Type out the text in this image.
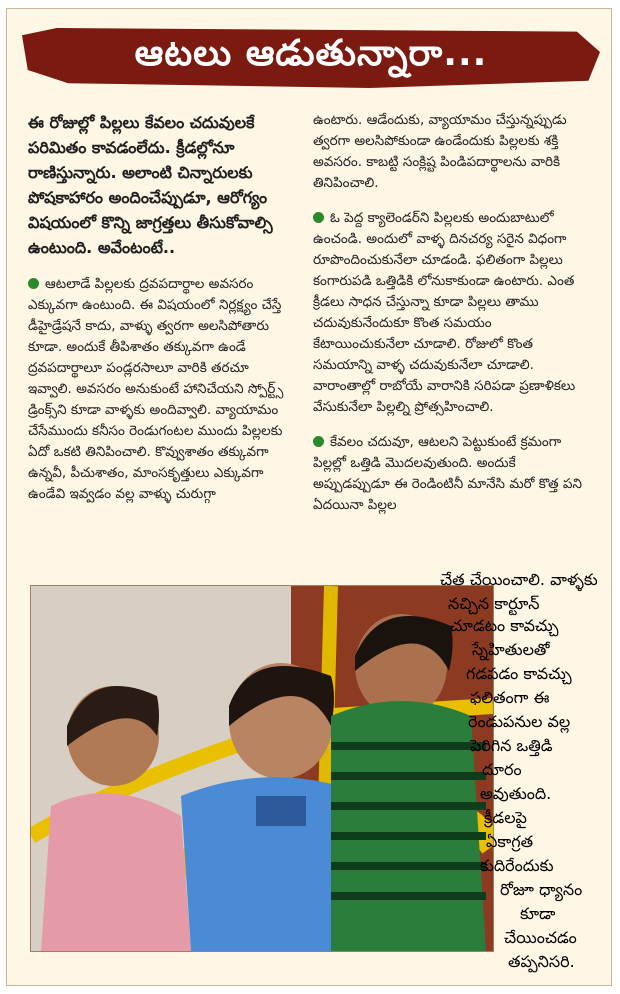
ఆటలు ఆడుతున్నారా...

ఈ రోజుల్లో పిల్లలు కేవలం చదువులకే పరిమితం కావడంలేదు. క్రీడల్లోనూ రాణిస్తున్నారు. అలాంటి చిన్నారులకు పోషకాహారం అందించేప్పుడూ, ఆరోగ్యం విషయంలో కొన్ని జాగ్రత్తలు తీసుకోవాల్సి ఉంటుంది. అవేంటంటే..

ఆటలాడే పిల్లలకు ద్రవపదార్థాల అవసరం ఎక్కువగా ఉంటుంది. ఈ విషయంలో నిర్లక్ష్యం చేస్తే డీహైడ్రేషనే కాదు, వాళ్ళు త్వరగా అలసిపోతారు కూడా. అందుకే తీపిశాతం తక్కువగా ఉండే ద్రవపదార్థాలూ పండ్లరసాలూ వారికి తరచూ ఇవ్వాలి. అవసరం అనుకుంటే హానిచేయని స్పోర్ట్స్ డ్రింక్స్‌ని కూడా వాళ్ళకు అందివ్వాలి. వ్యాయామం చేసేముందు కనీసం రెండుగంటల ముందు పిల్లలకు ఏదో ఒకటి తినిపించాలి. కొవ్వుశాతం తక్కువగా ఉన్నవీ, పీచుశాతం, మాంసకృత్తులు ఎక్కువగా ఉండేవి ఇవ్వడం వల్ల వాళ్ళు చురుగ్గా

ఉంటారు. ఆడేందుకు, వ్యాయామం చేస్తున్నప్పుడు త్వరగా అలసిపోకుండా ఉండేందుకు పిల్లలకు శక్తి అవసరం. కాబట్టి సంక్లిష్ట పిండిపదార్థాలను వారికి తినిపించాలి.

ఓ పెద్ద క్యాలెండర్‌ని పిల్లలకు అందుబాటులో ఉంచండి. అందులో వాళ్ళ దినచర్య సరైన విధంగా రూపొందించుకునేలా చూడండి. ఫలితంగా పిల్లలు కంగారుపడి ఒత్తిడికి లోనుకాకుండా ఉంటారు. ఎంత క్రీడలు సాధన చేస్తున్నా కూడా పిల్లలు తాము చదువుకునేందుకూ కొంత సమయం కేటాయించుకునేలా చూడాలి. రోజులో కొంత సమయాన్ని వాళ్ళ చదువుకునేలా చూడాలి. వారాంతాల్లో రాబోయే వారానికి సరిపడా ప్రణాళికలు వేసుకునేలా పిల్లల్ని ప్రోత్సహించాలి.

కేవలం చదువూ, ఆటలని పెట్టుకుంటే క్రమంగా పిల్లల్లో ఒత్తిడి మొదలవుతుంది. అందుకే అప్పుడప్పుడూ ఈ రెండింటినీ మానేసి మరో కొత్త పని ఏదయినా పిల్లల

చేత చేయించాలి. వాళ్ళకు
నచ్చిన కార్టూన్
చూడటం కావచ్చు
స్నేహితులతో
గడపడం కావచ్చు
ఫలితంగా ఈ
రెండుపనుల వల్ల
పెరిగిన ఒత్తిడి
దూరం
అవుతుంది.
క్రీడలపై
ఏకాగ్రత
కుదిరేందుకు
రోజూ ధ్యానం
కూడా
చేయించడం
తప్పనిసరి.
